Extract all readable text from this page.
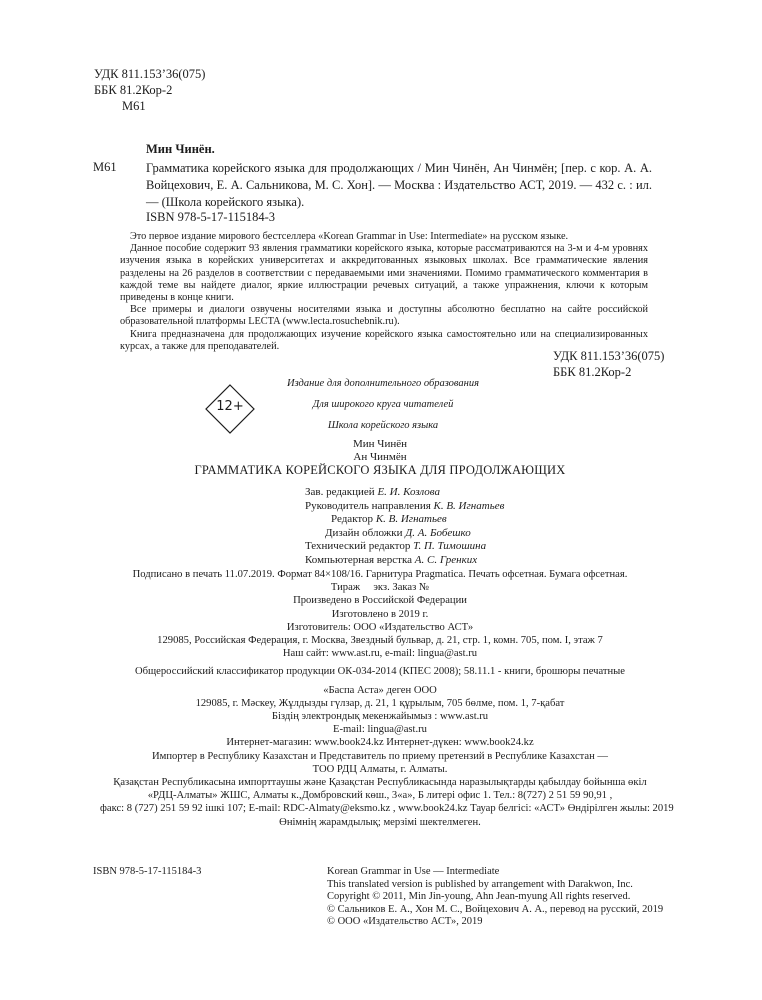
УДК 811.153’36(075)
ББК 81.2Кор-2
М61
Мин Чинён.
М61 Грамматика корейского языка для продолжающих / Мин Чинён, Ан Чинмён; [пер. с кор. А. А. Войцехович, Е. А. Сальникова, М. С. Хон]. — Москва : Издательство АСТ, 2019. — 432 с. : ил. — (Школа корейского языка).
ISBN 978-5-17-115184-3

Это первое издание мирового бестселлера «Korean Grammar in Use: Intermediate» на русском языке.

Данное пособие содержит 93 явления грамматики корейского языка, которые рассматриваются на 3-м и 4-м уровнях изучения языка в корейских университетах и аккредитованных языковых школах. Все грамматические явления разделены на 26 разделов в соответствии с передаваемыми ими значениями. Помимо грамматического комментария в каждой теме вы найдете диалог, яркие иллюстрации речевых ситуаций, а также упражнения, ключи к которым приведены в конце книги.

Все примеры и диалоги озвучены носителями языка и доступны абсолютно бесплатно на сайте российской образовательной платформы LECTA (www.lecta.rosuchebnik.ru).

Книга предназначена для продолжающих изучение корейского языка самостоятельно или на специализированных курсах, а также для преподавателей.

УДК 811.153’36(075)
ББК 81.2Кор-2
12+
Издание для дополнительного образования
Для широкого круга читателей
Школа корейского языка
Мин Чинён
Ан Чинмён
ГРАММАТИКА КОРЕЙСКОГО ЯЗЫКА ДЛЯ ПРОДОЛЖАЮЩИХ
Зав. редакцией Е. И. Козлова
Руководитель направления К. В. Игнатьев
Редактор К. В. Игнатьев
Дизайн обложки Д. А. Бобешко
Технический редактор Т. П. Тимошина
Компьютерная верстка А. С. Гренких
Подписано в печать 11.07.2019. Формат 84×108/16. Гарнитура Pragmatica. Печать офсетная. Бумага офсетная.
Тираж экз. Заказ №
Произведено в Российской Федерации
Изготовлено в 2019 г.
Изготовитель: ООО «Издательство АСТ»
129085, Российская Федерация, г. Москва, Звездный бульвар, д. 21, стр. 1, комн. 705, пом. I, этаж 7
Наш сайт: www.ast.ru, e-mail: lingua@ast.ru
Общероссийский классификатор продукции ОК-034-2014 (КПЕС 2008); 58.11.1 - книги, брошюры печатные
«Баспа Аста» деген ООО
129085, г. Мәскеу, Жұлдызды гүлзар, д. 21, 1 құрылым, 705 бөлме, пом. 1, 7-қабат
Біздің электрондық мекенжайымыз : www.ast.ru
E-mail: lingua@ast.ru
Интернет-магазин: www.book24.kz Интернет-дүкен: www.book24.kz
Импортер в Республику Казахстан и Представитель по приему претензий в Республике Казахстан —
ТОО РДЦ Алматы, г. Алматы.
Қазақстан Республикасына импорттаушы және Қазақстан Республикасында наразылықтарды қабылдау бойынша өкіл
«РДЦ-Алматы» ЖШС, Алматы к.,Домбровский көш., 3«а», Б литері офис 1. Тел.: 8(727) 2 51 59 90,91 ,
факс: 8 (727) 251 59 92 ішкі 107; E-mail: RDC-Almaty@eksmo.kz , www.book24.kz Тауар белгісі: «АСТ» Өндірілген жылы: 2019
Өнімнің жарамдылық; мерзімі шектелмеген.
ISBN 978-5-17-115184-3	Korean Grammar in Use — Intermediate
This translated version is published by arrangement with Darakwon, Inc.
Copyright © 2011, Min Jin-young, Ahn Jean-myung All rights reserved.
© Сальников Е. А., Хон М. С., Войцехович А. А., перевод на русский, 2019
© ООО «Издательство АСТ», 2019
